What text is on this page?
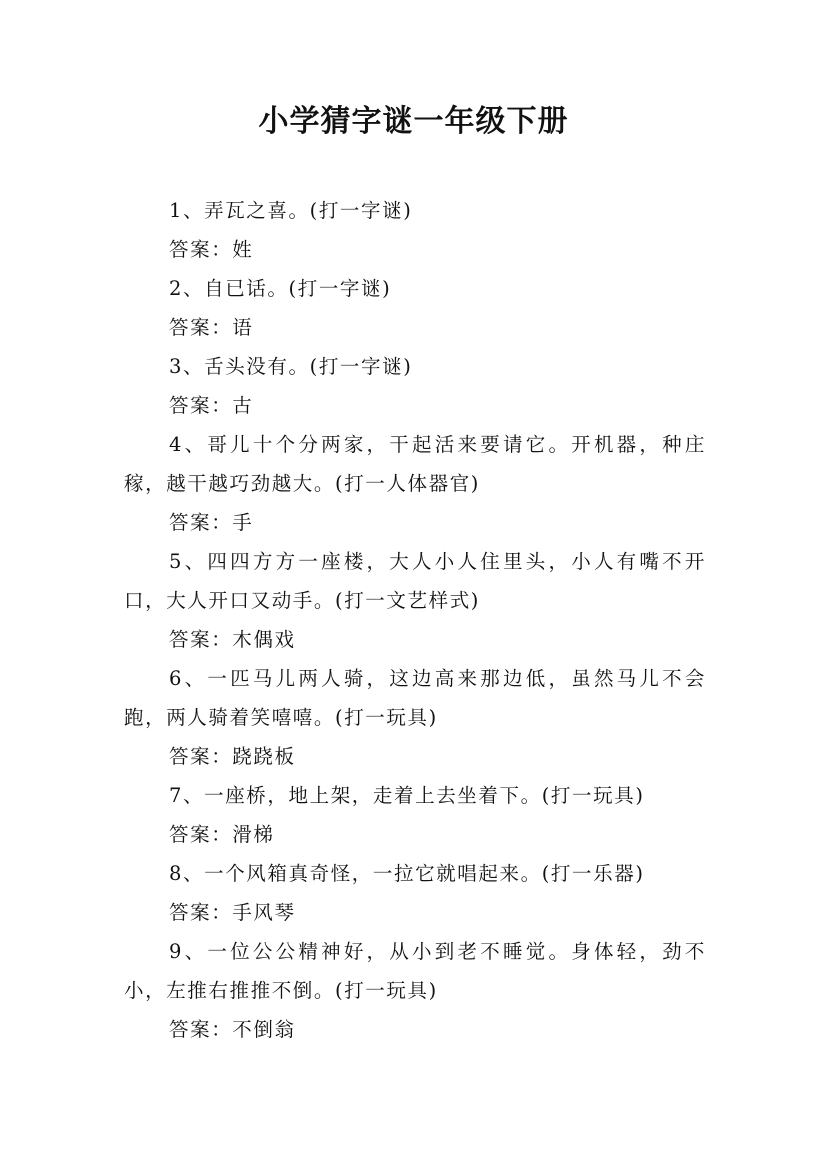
小学猜字谜一年级下册

1、弄瓦之喜。(打一字谜)

答案：姓

2、自已话。(打一字谜)

答案：语

3、舌头没有。(打一字谜)

答案：古

4、哥儿十个分两家，干起活来要请它。开机器，种庄稼，越干越巧劲越大。(打一人体器官)

答案：手

5、四四方方一座楼，大人小人住里头，小人有嘴不开口，大人开口又动手。(打一文艺样式)

答案：木偶戏

6、一匹马儿两人骑，这边高来那边低，虽然马儿不会跑，两人骑着笑嘻嘻。(打一玩具)

答案：跷跷板

7、一座桥，地上架，走着上去坐着下。(打一玩具)

答案：滑梯

8、一个风箱真奇怪，一拉它就唱起来。(打一乐器)

答案：手风琴

9、一位公公精神好，从小到老不睡觉。身体轻，劲不小，左推右推推不倒。(打一玩具)

答案：不倒翁
